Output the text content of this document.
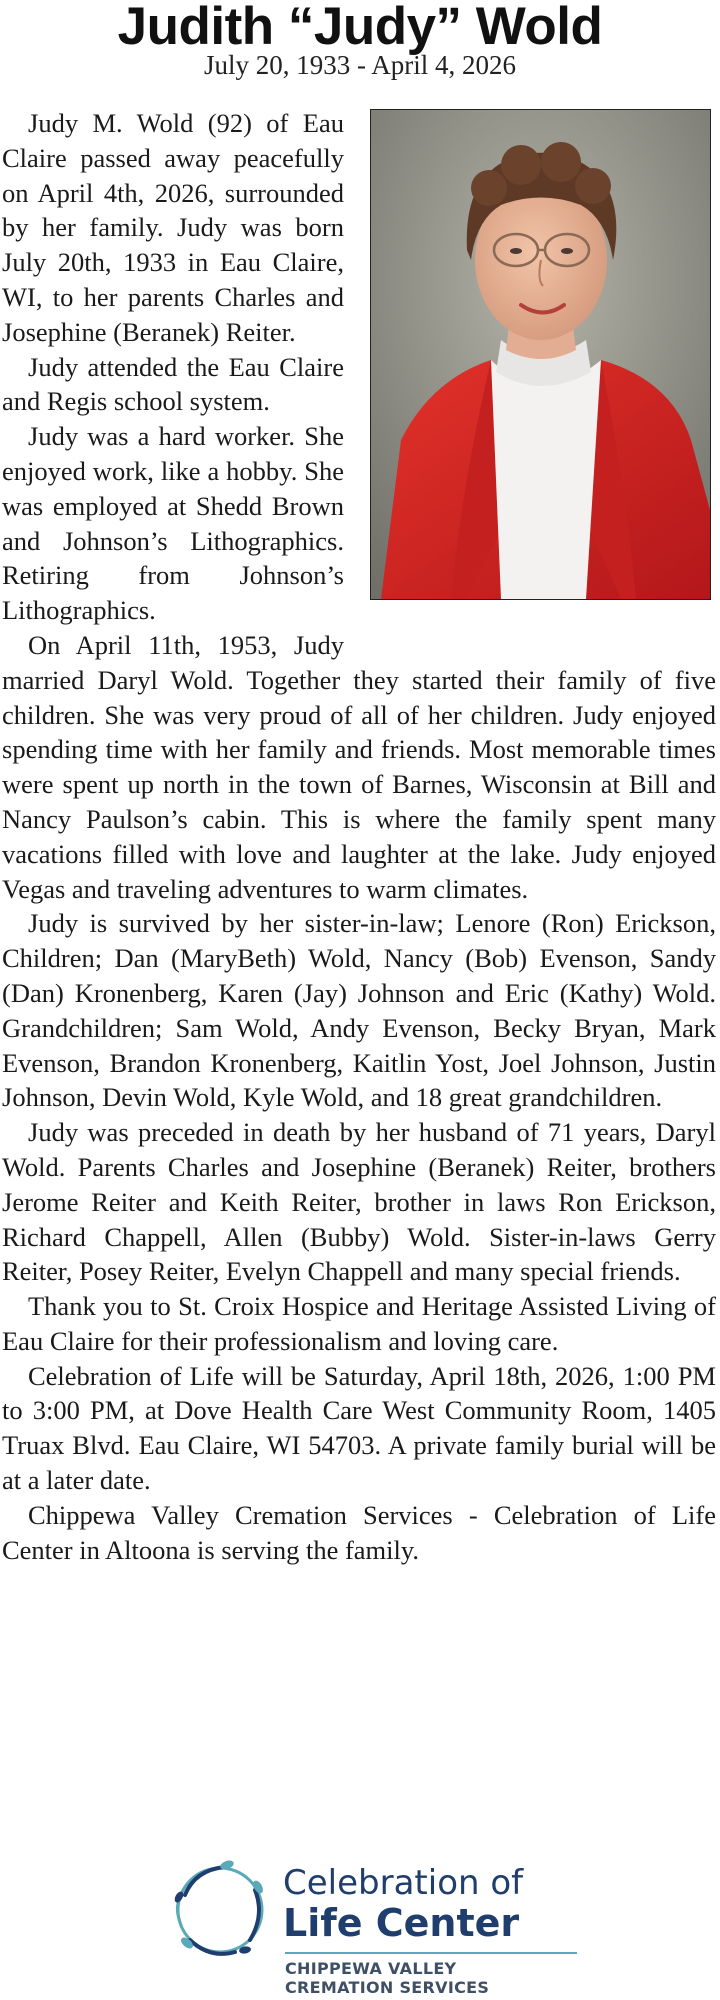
Judith “Judy” Wold
July 20, 1933 - April 4, 2026

Judy M. Wold (92) of Eau Claire passed away peacefully on April 4th, 2026, surrounded by her family. Judy was born July 20th, 1933 in Eau Claire, WI, to her parents Charles and Josephine (Beranek) Reiter.

Judy attended the Eau Claire and Regis school system.

Judy was a hard worker. She enjoyed work, like a hobby. She was employed at Shedd Brown and Johnson’s Lithographics. Retiring from Johnson’s Lithographics.

On April 11th, 1953, Judy married Daryl Wold. Together they started their family of five children. She was very proud of all of her children. Judy enjoyed spending time with her family and friends. Most memorable times were spent up north in the town of Barnes, Wisconsin at Bill and Nancy Paulson’s cabin. This is where the family spent many vacations filled with love and laughter at the lake. Judy enjoyed Vegas and traveling adventures to warm climates.

Judy is survived by her sister-in-law; Lenore (Ron) Erickson, Children; Dan (MaryBeth) Wold, Nancy (Bob) Evenson, Sandy (Dan) Kronenberg, Karen (Jay) Johnson and Eric (Kathy) Wold. Grandchildren; Sam Wold, Andy Evenson, Becky Bryan, Mark Evenson, Brandon Kronenberg, Kaitlin Yost, Joel Johnson, Justin Johnson, Devin Wold, Kyle Wold, and 18 great grandchildren.

Judy was preceded in death by her husband of 71 years, Daryl Wold. Parents Charles and Josephine (Beranek) Reiter, brothers Jerome Reiter and Keith Reiter, brother in laws Ron Erickson, Richard Chappell, Allen (Bubby) Wold. Sister-in-laws Gerry Reiter, Posey Reiter, Evelyn Chappell and many special friends.

Thank you to St. Croix Hospice and Heritage Assisted Living of Eau Claire for their professionalism and loving care.

Celebration of Life will be Saturday, April 18th, 2026, 1:00 PM to 3:00 PM, at Dove Health Care West Community Room, 1405 Truax Blvd. Eau Claire, WI 54703. A private family burial will be at a later date.

Chippewa Valley Cremation Services - Celebration of Life Center in Altoona is serving the family.

Celebration of
Life Center
CHIPPEWA VALLEY
CREMATION SERVICES
